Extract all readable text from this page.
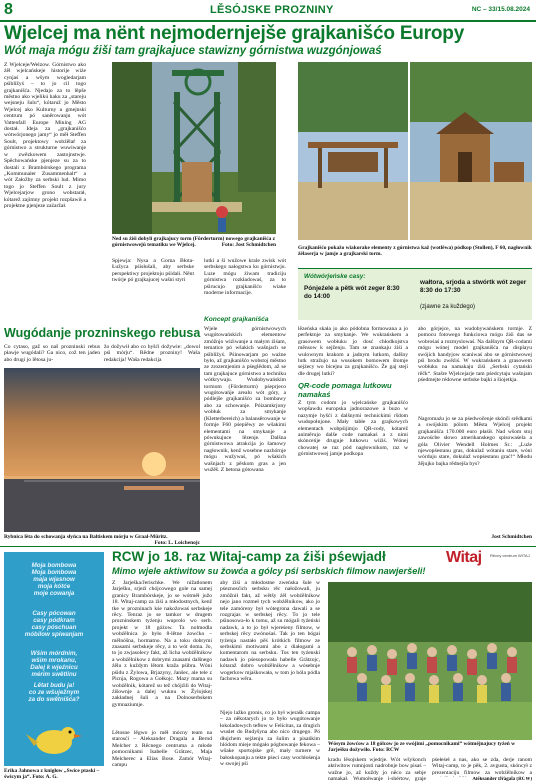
8	LĚSÓJSKE PROZNINY	NC – 33/15.08.2024
Wjelcej ma nënt nejmodernjejše grajkanišćo Europy
Wót maja mógu źiši tam grajkajuce stawizny górnistwa wuzgónjowaś
Z Wjelceje/Welzow. Górnistwo ako źěl wjelcańskeje historije wiźe cynjaś a wšym wogledarjam pśibližyś – to jo cil togo grajkanišća. Njedajo za to lěpše městno ako wjelikú haku za „stareju wejsneju šulu“, kótaruž jo Město Wjelcej ako Kulturny a gmejnski centrum pó saněrowanju wót Vattenfall Europe Mining AG dostał. Ideja za „grajkanišćo wótwórjonego jamy“ jo měł Steffen Soult, projektowy wobźělaŕ za górnistwo a strukturne wuwiwanje w zwězkowem zastojnstwje. Spěchowańske pjenjeze su za to dostali z Brambórskego programa „Kommunaler Zusammenhalt“ a wót Załožby za serbski lud. Mimo togo jo Steffen Soult z jury Wjelcejarjow grono wobstarał, kótarež zajimny projekt rozpšawił a projektne pjenjeze zaźaržał.
Ned su źiśi dobyli grajkajucy torm (Förderturm) nowego grajkanišća z górnistwowejú tematiku we Wjelcej.	Foto: Jost Schmidtchen	Grajkanišćo pokažo wiakorake elementy z górnistwa kaž (wotlěwa) pódkop (Stollen), F 60, nagłownik żělaserja w jamje a grajkarski torm.
Spjewja: Nysa a Gorna Błota-Łužyca pśisłušali, aby serbske perspektiwy projektoju pśidali. Něnt twórje pó grajkajucej wašni styri
lutki a ši wužowe krale zwisk wót serbskego nałogstwa ku górnistwju. Luze mógu źiwam tradiciju górnistwa rozkładowaś, za to pśirucujo grajkanišćo wiake moderne informacije.
Koncept grajkanišća
Wjele górnistwowych wugótowańskich elementow zmóžnjo wiźiwanje a małym źiśam, tematice pó wšakich wašnjach se pśibližyś. Pśinowarjam po ważne było, až grajkanišćo wobstoj městno ze zrozemjenim a pśeglědom, až se tam grajkajuce górnistwo a techniku wótkrywaju. Wudobywańskim tormom (Förderturm) pśeprjeco wugótowańje arealu wót góry, a pódlejše grajkanišćo za bombawy abo za schowanje. Póizamkrjony wobłuk za smykanje (Kletterbereich) a balansěrowanje w formje F60 pśepiěwy ze wšakimi elementami na smykanje a pówukujuce lězenje. Dalšna górnistwowa atrakcija jo šamowy nagłownik, kenž wosebne nazhórnje mógu wužywaś, pó wšakich wašnjach z pěskom gras a jen wužěš. Z betona gótowana
Wótwórjeńske casy:
Pónjeźele a pětk wót zeger 8:30 do 14:00
wałtora, srjoda a stwórtk wót zeger 8:30 do 17:30
(zjawne za kuždego)
lězeńska skała jo ako pódobna formowana a jo perfektnje za smykanje. We wukrańskem a grasowem wobłuku jo dosć chłodkojstva měnsow k sejženju. Tam se znankaju źiśi a wulownym krakom a jadnym lutkom, dalšny lutk stražujo na wusokem bomowem štomje sejźecy wo bicejnu za grajkanišćo. Že gaj stejí dle drugej lutki?
QR-code pomaga lutkowu namakaś
Z tym codom jo wjelcańske grajkanišćo wopšawdu europska jadnorazowe a buzo w nazymje hyšći z dalšnymi technickimi ršdom wudopołnjone. Mały tabłe za grajkowych elementach wobpśijimjo QR-cody, kótarež animěrujo dalše code namakaś a z nimi skónceńje druguje lutkowu wiźiś. Wónej chowatej se raz pód nagłownikom, raz w górnistwowej jamje podkopa
abo górjejce, na wudobywańskem tormje. Z pomocu fotowego funkciowa mógu źiśi das se wobrośaś a rozmyslowaś. Na dalšnym QR-codami mógu wónej model grajkanišća na displayu swójich handyjow scaniwaś abo se górnistwowej pśi brodu zwěźiś. W wukrańskem a grasowem wobłuku na namakaju źiśi „Serbski cytański rěčk“. Stašre Wjelcejarje tam pśedcytaju wašnjam pśedmejte rédowne serbske bajki a šiojetkja.
Nagromaźu jo se za pśedwočenje skónči srědkami a swójskim pólom Města Wjelcej projekt grajkanišća 170.000 euro płaśił. Nad wšom stoj zawoścbe słowo amerikanskego spisowaśela a góla Olivier Wendell Holmes Sr.: „Luźe njewopśestanu gras, dokulaž wótaniu stare, wóni wórduju stare, dokulaž wopśestanu grać!“ Młodu žějujko bajka rědnejša bys?
Jost Schmidtchen
Wugódanje prozninskego rebusa
Co cytaso, gaž so naš prozninski rebus pławje wugódali? Ga nico, což ten jaden abo drugi jo lětosa ju-
žo dožywił abo co hyšći dožywie: „dowol pśi mórju“. Rědne prozniny! Waša redakcija! Waša redakcija
Rybnica lěta do schowanja słyńca na Baltiskem mórju w Graal-Müritz.
Foto: L. Loichenojc
Witaj Rěcny centrum WITAJ
RCW jo 18. raz Witaj-camp za źiši pśewjadł
Mimo wjele aktiwitow su žowća a gólcy pśi serbskich filmow nawjeršeli!
Moja bombowa
Moja bombowa
maja wjasnow
moja kótće
moje cowanja
Casy pócowan
casy pódkram
casy póschuan
móbilow spiwanjam
Wšim mórdnim,
wšim mrokanu,
Dalej k wjeźnicu
mérim swětlinu
Lětat budu ja!
co ze wšuježnym
za do swětnišća?
Erika Jahnowa z knigłow „Swice ptaski – świcym ja“. Foto: A. G.
Z Jarješka/Jerischke. We nižatlonem Jarješku, srjeźi chójcowego gole na samej granicy Brambórskeje, jo se wótměł južo 18. Witaj-camp za źiśi a młodostnych, kenž tke w prozninach kśe nakožowaś serbskeje rěcy. Tenraz jo se tamkor w drugem prozninskem tyźenju wuprolo wo serb. projekt w 18 góźow. Ta nolmodla wobźělnica jo było 8-lětne żowćko – mělnóšna, hormatno. Na a toku dobrymi znasami serbskeje rěcy, a to wót doma. Jo, to jo zwjasolecy fakt, až licha wobźělnikow a wobźělnikow z dobrymi znasami dalšnego źělu z kuždym lětom kraža pśibra. Wóni pśidu z Żylowa, Brjazyny, Janšec, ale tele z Picnja, Rogowa a Gołkojc. Mazy mama su wobźělnik, kótarež su tež chójźili do Witaj-źišownje a dalej wuknu w Žylojskej zakładnej šuli a na Dolnoserbskem gymnaziumje.
Lětosne lěgwo jo měł mócny team na starosći – Aleksander Dragala a Bernd Melcher z Rěcnego centruma a młode pomocnikami Isabelle Grätzec, Maja Melcherec a Elias Bose. Zamór Witaj-campu
aby źiśi a młodostne zweńska šule w pśeznosćich serbsku rěc nałožowali, ju zmóžnił fakt, až wětšy źěl wobźělnikow nejo jano rozmeł tych wobźělnikow, ako jo tele zamóreny był wótegrona dawali a se rozgrajas w serbskej rěcy. To jo tele pśinosowa-ło k tomu, až su mógali tyźeński nadawk, a to jo był wjereśeny filmow, w serbskej rěcy zwónośaś. Tak jo ten bógai tyźenja nastało pěś krótkich filmow ze serbskimi motiwami abo z diałogami a komentarom na serbsku. Tos ten tyźenski nadawk jo pśesopowała habelle Grätzojc, kótaraž dobro wobźělnikow a wósebnje wogerkow mjaśkowała, w tom jo bóla pódla fachowa wěra.
Njejo lažko gronis, co jo był wjerašk campa – za někotarych jo to było wugótowanje łokoladowych tefłow w Felicitas, za drugich wuslet do Budyšyna abo nico drugego. Pó dłujchem sejźenju za šulim a pisańkim hlódom mieje mógało pógbowanje fekowa – wšake sportojske grě, mały turnere w bałoskopanju a tekte pśeci casy wochłośenja w swojej pśi
Wósym žowćow a 18 gólcow jo ze swójimi „pomocnikami“ wótmějnajucy tyźeń w Jarješku dožywiło. Foto: RCW
kradu lěsojskem wjedrje. Wót wšykonch aktiwitow rumnjosti nadrobnje bow pisaś – wažne jo, až kuždy jo něco za sebje namakał. Wumołwanje i-shértow, graje
pśełeśeł a nas, ako se zda, derje ranom Witaj-camp, to je pěk, 2. avgusta, skóncył z prezentaciju filmow za wobźělnikow a
Aleksander Dragala (RCW)
